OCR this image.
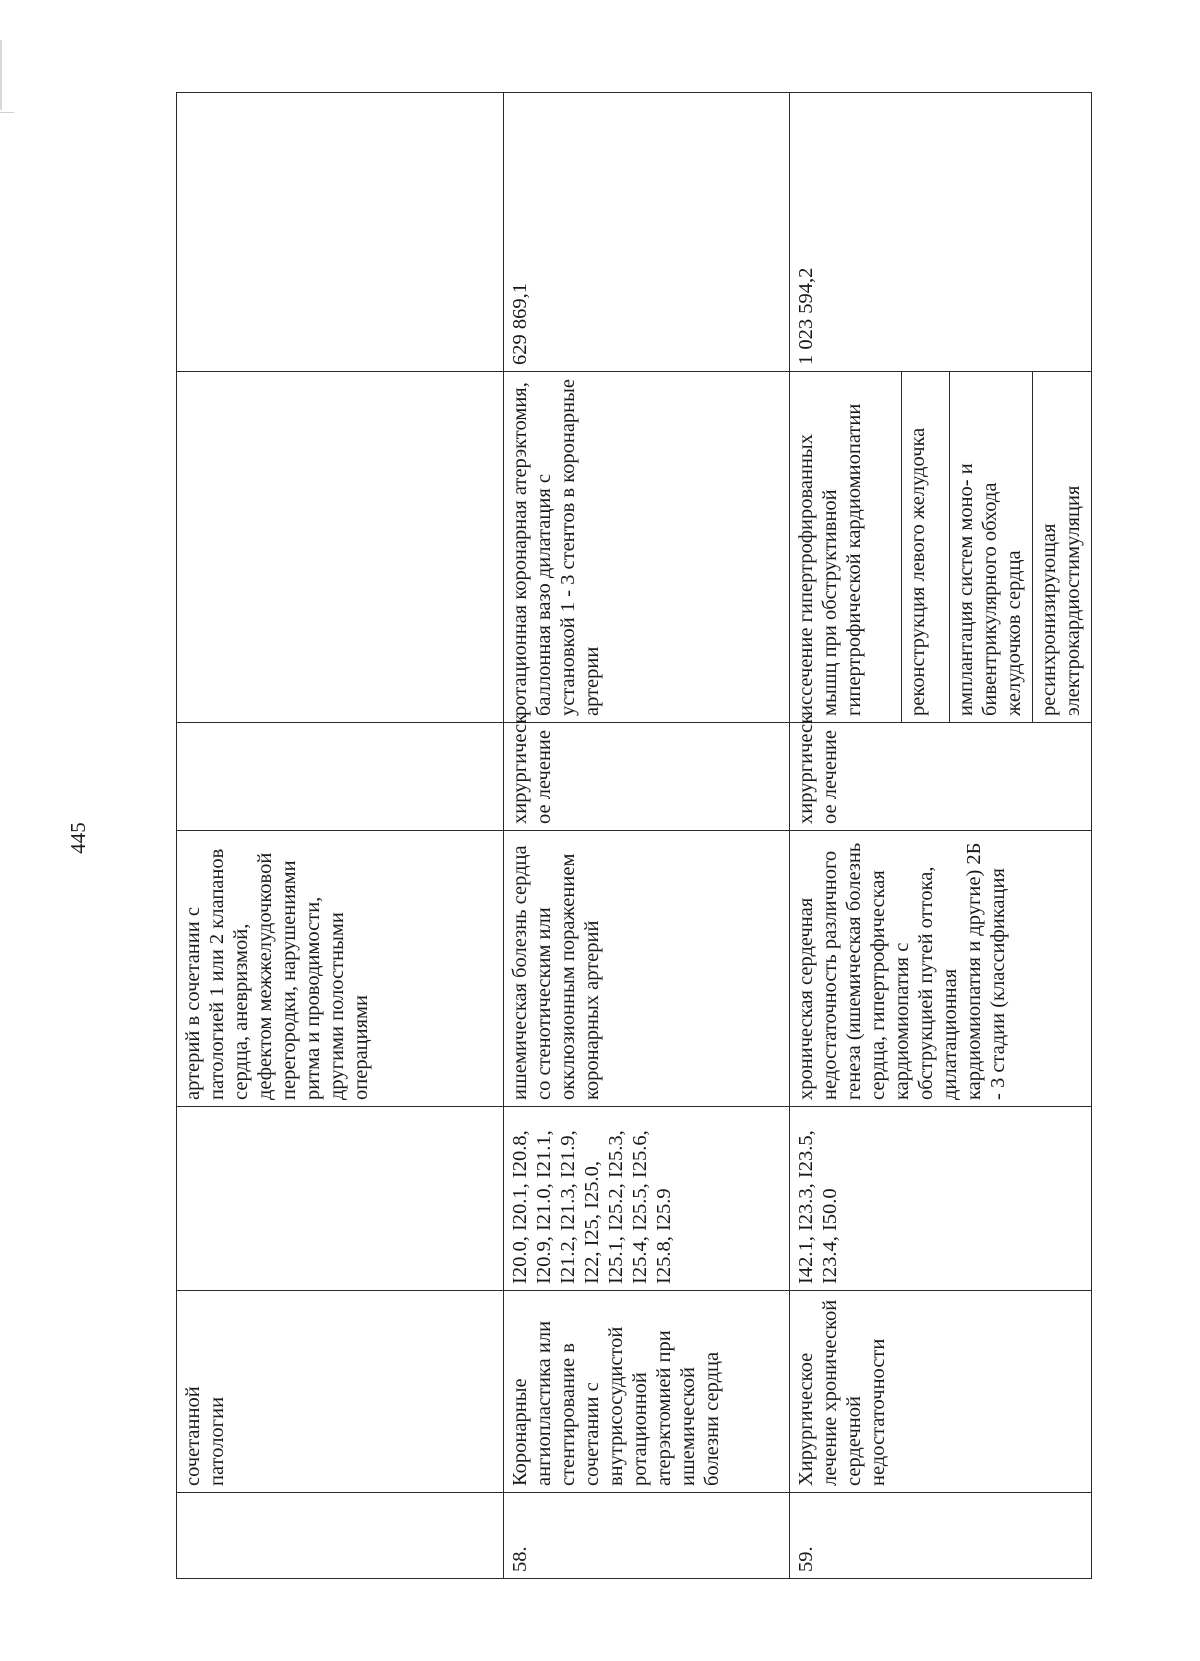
445
	сочетанной патологии		артерий в сочетании с патологией 1 или 2 клапанов сердца, аневризмой, дефектом межжелудочковой перегородки, нарушениями ритма и проводимости, другими полостными операциями			
58.	Коронарные ангиопластика или стентирование в сочетании с внутрисосудистой ротационной атерэктомией при ишемической болезни сердца	I20.0, I20.1, I20.8, I20.9, I21.0, I21.1, I21.2, I21.3, I21.9, I22, I25, I25.0, I25.1, I25.2, I25.3, I25.4, I25.5, I25.6, I25.8, I25.9	ишемическая болезнь сердца со стенотическим или окклюзионным поражением коронарных артерий	хирургическ ое лечение	ротационная коронарная атерэктомия, баллонная вазо дилатация с установкой 1 - 3 стентов в коронарные артерии	629 869,1
59.	Хирургическое лечение хронической сердечной недостаточности	I42.1, I23.3, I23.5, I23.4, I50.0	хроническая сердечная недостаточность различного генеза (ишемическая болезнь сердца, гипертрофическая кардиомиопатия с обструкцией путей оттока, дилатационная кардиомиопатия и другие) 2Б - 3 стадии (классификация	хирургическ ое лечение	иссечение гипертрофированных мышц при обструктивной гипертрофической кардиомиопатии	1 023 594,2
					реконструкция левого желудочка	
					имплантация систем моно- и бивентрикулярного обхода желудочков сердца	
					ресинхронизирующая электрокардиостимуляция	
